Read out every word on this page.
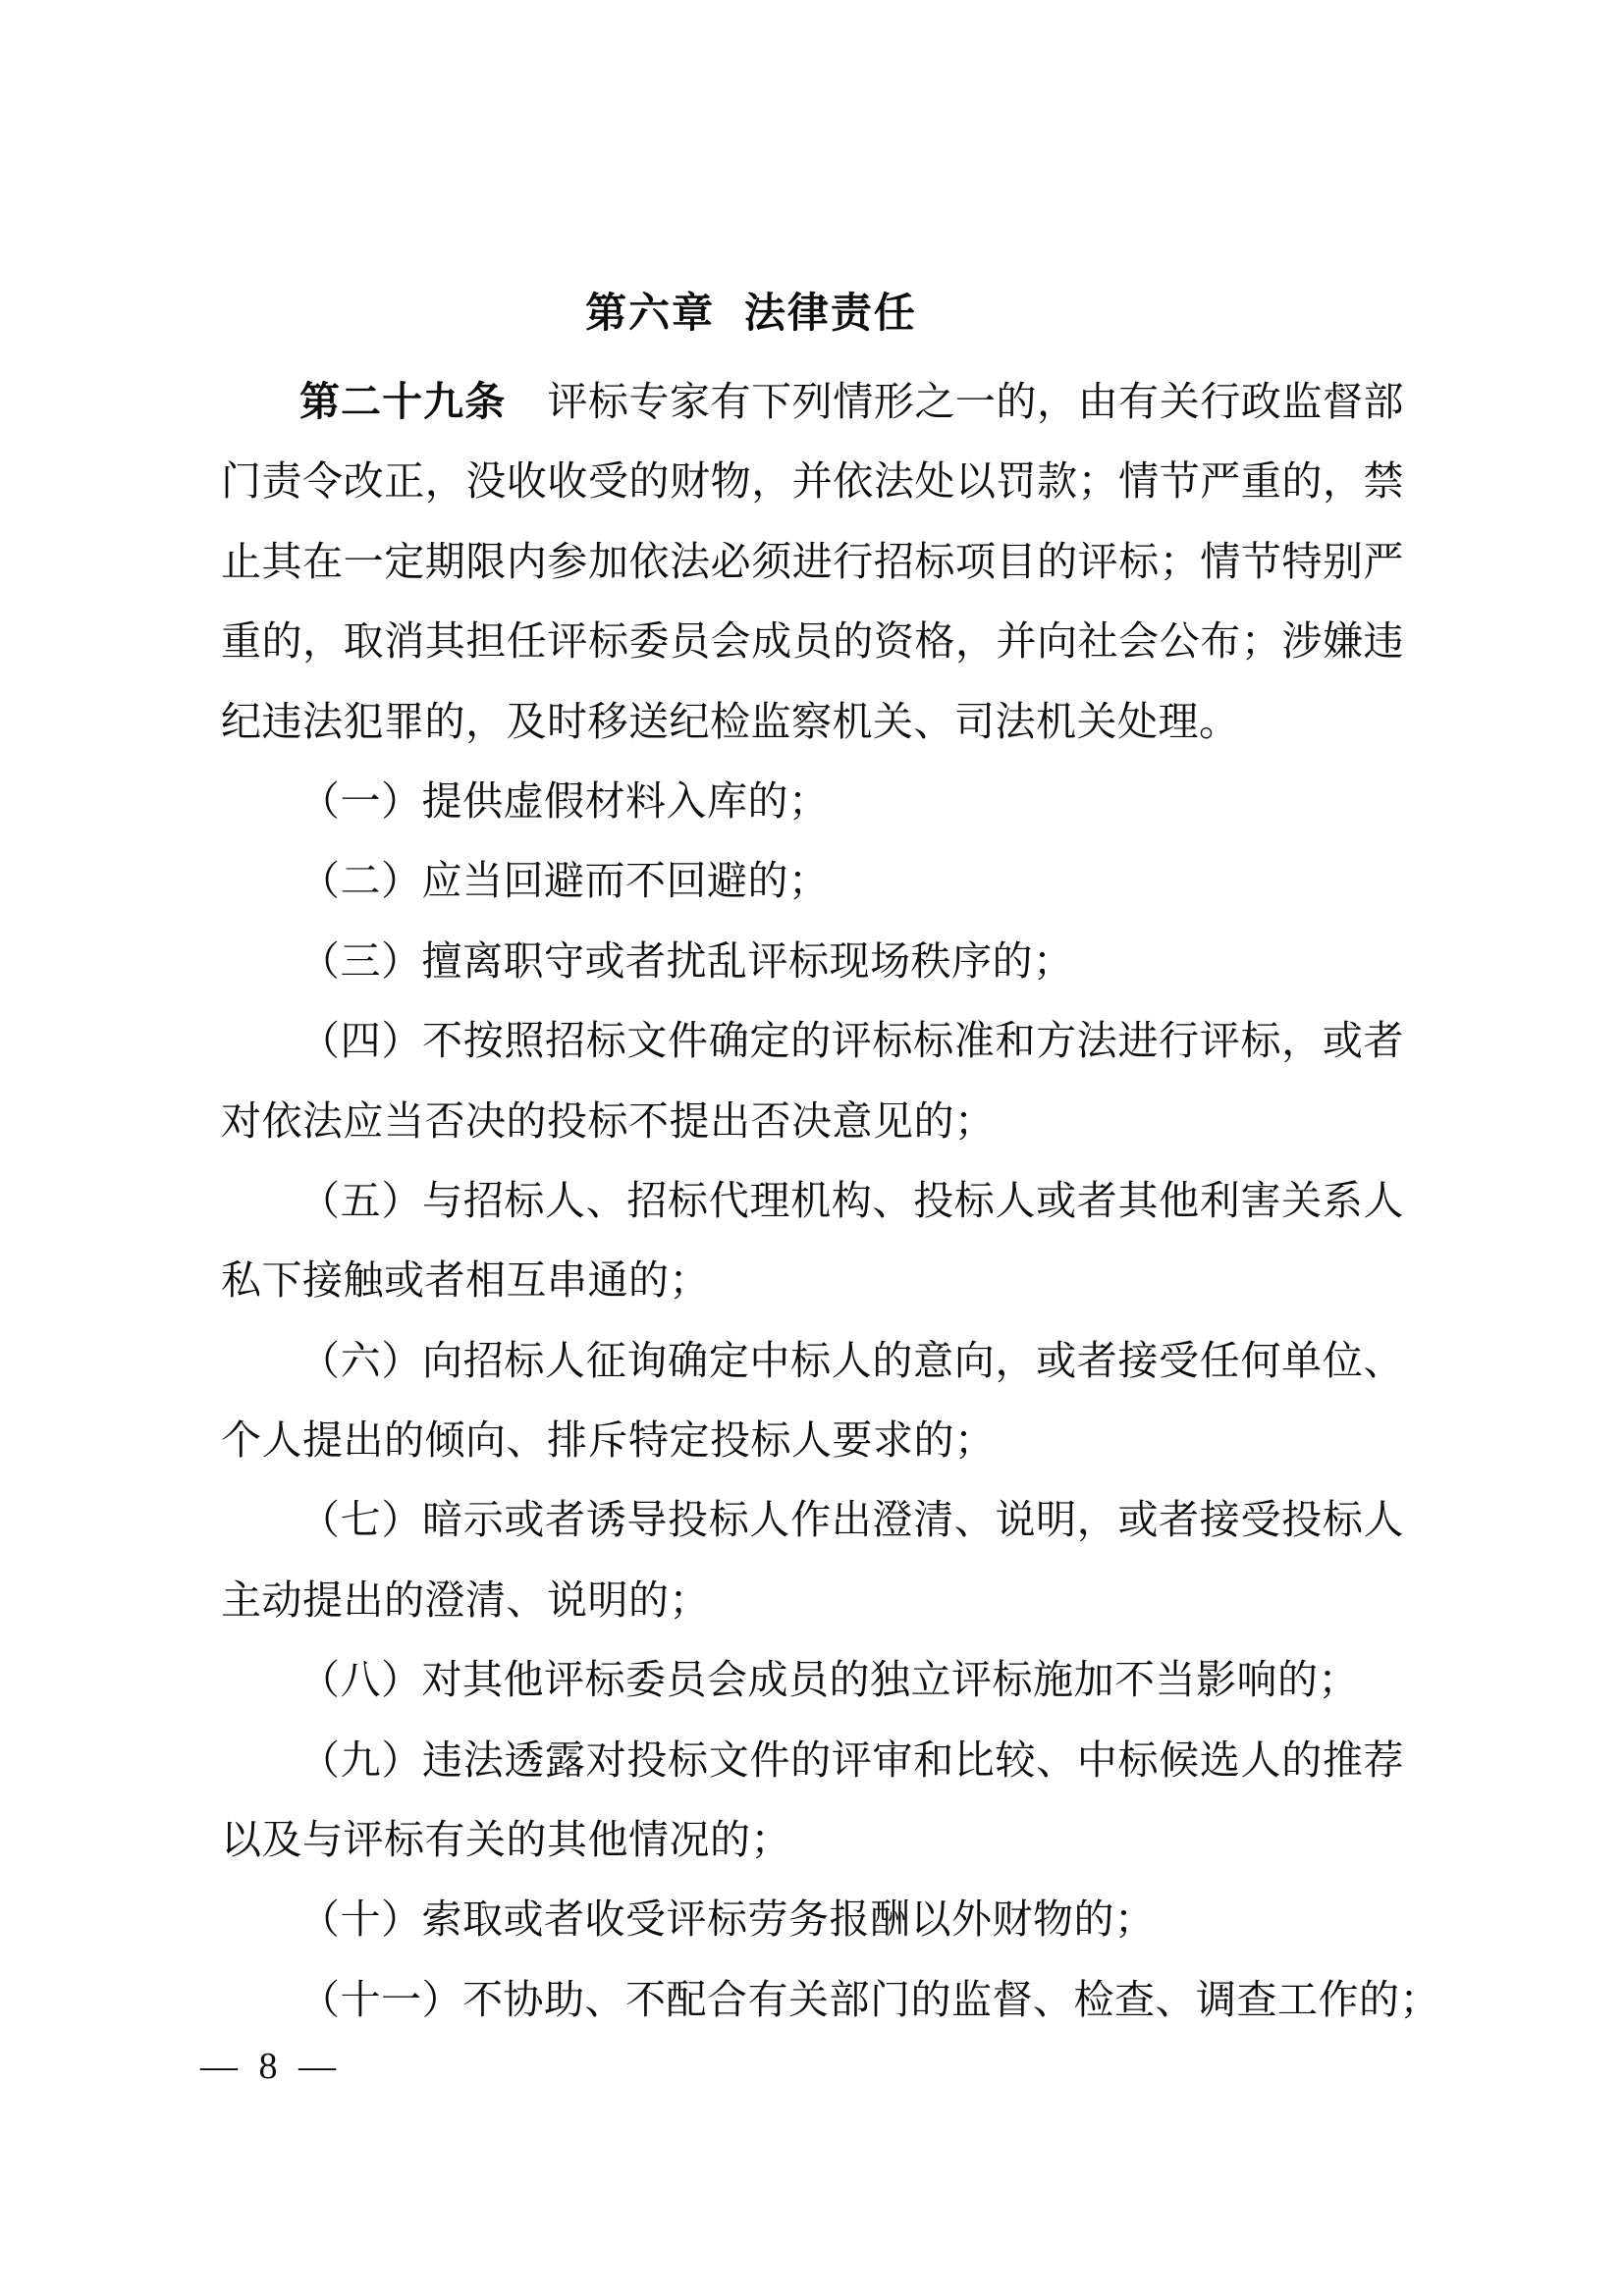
第六章 法律责任
第二十九条 评标专家有下列情形之一的，由有关行政监督部
门责令改正，没收收受的财物，并依法处以罚款；情节严重的，禁
止其在一定期限内参加依法必须进行招标项目的评标；情节特别严
重的，取消其担任评标委员会成员的资格，并向社会公布；涉嫌违
纪违法犯罪的，及时移送纪检监察机关、司法机关处理。
（一）提供虚假材料入库的；
（二）应当回避而不回避的；
（三）擅离职守或者扰乱评标现场秩序的；
（四）不按照招标文件确定的评标标准和方法进行评标，或者
对依法应当否决的投标不提出否决意见的；
（五）与招标人、招标代理机构、投标人或者其他利害关系人
私下接触或者相互串通的；
（六）向招标人征询确定中标人的意向，或者接受任何单位、
个人提出的倾向、排斥特定投标人要求的；
（七）暗示或者诱导投标人作出澄清、说明，或者接受投标人
主动提出的澄清、说明的；
（八）对其他评标委员会成员的独立评标施加不当影响的；
（九）违法透露对投标文件的评审和比较、中标候选人的推荐
以及与评标有关的其他情况的；
（十）索取或者收受评标劳务报酬以外财物的；
（十一）不协助、不配合有关部门的监督、检查、调查工作的；
— 8 —
